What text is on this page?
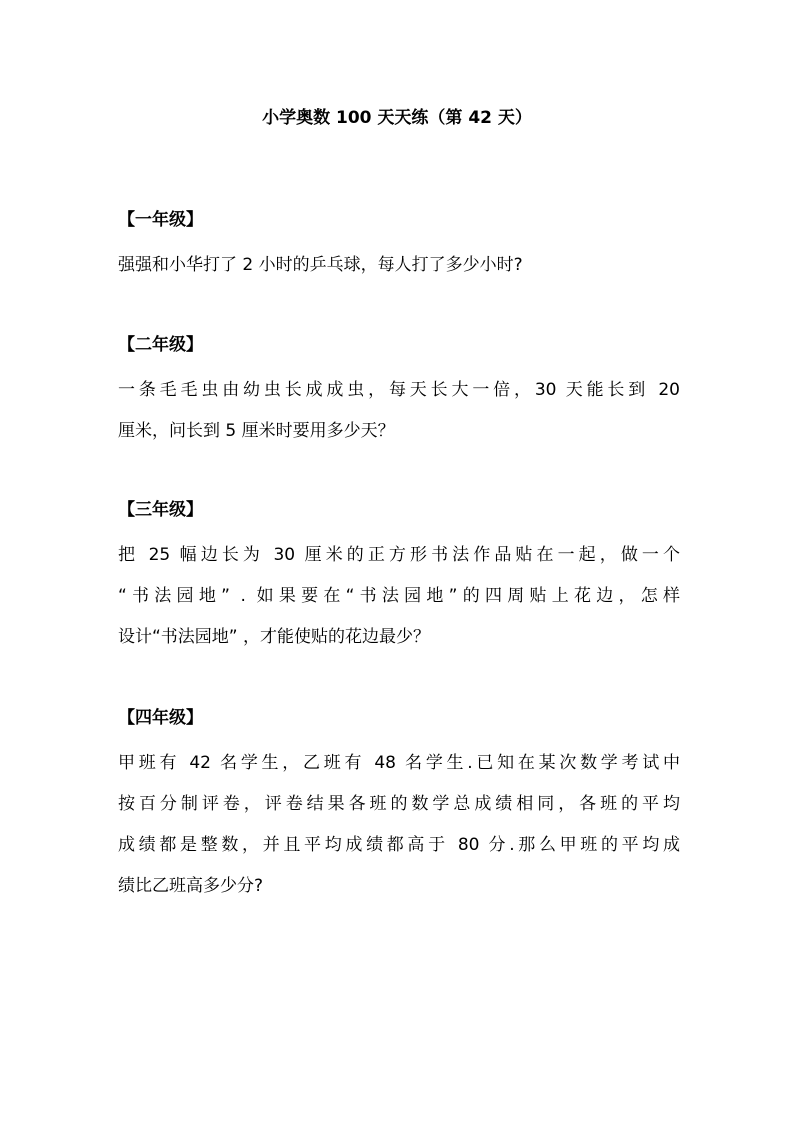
小学奥数 100 天天练（第 42 天）
【一年级】
强强和小华打了 2 小时的乒乓球，每人打了多少小时?
【二年级】
一条毛毛虫由幼虫长成成虫，每天长大一倍，30 天能长到 20
厘米，问长到 5 厘米时要用多少天？
【三年级】
把 25 幅边长为 30 厘米的正方形书法作品贴在一起，做一个
“书法园地” . 如果要在“书法园地”的四周贴上花边，怎样
设计“书法园地” ，才能使贴的花边最少？
【四年级】
甲班有 42 名学生，乙班有 48 名学生.已知在某次数学考试中
按百分制评卷，评卷结果各班的数学总成绩相同，各班的平均
成绩都是整数，并且平均成绩都高于 80 分.那么甲班的平均成
绩比乙班高多少分?
